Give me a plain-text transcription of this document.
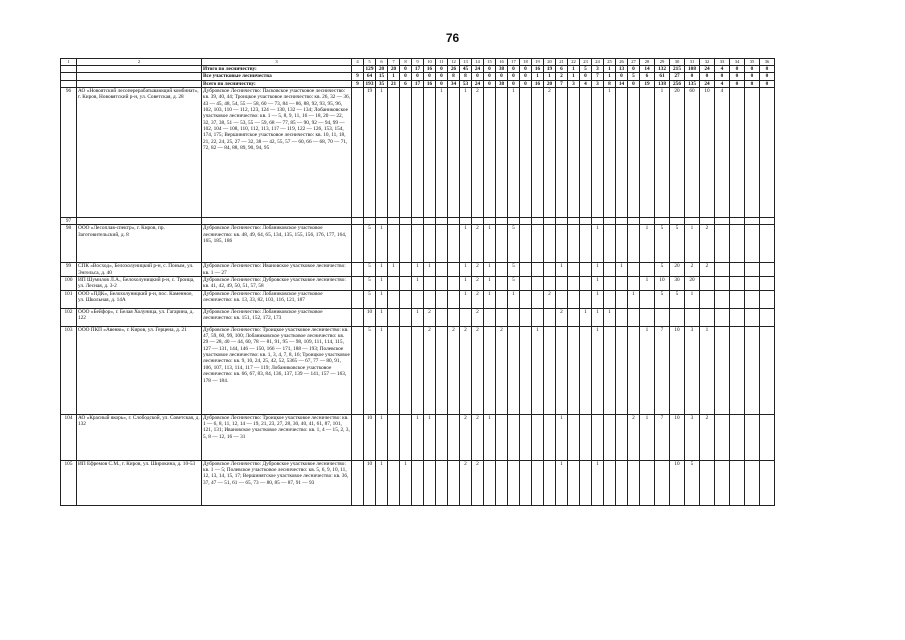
76
1	2	3	4	5	6	7	8	9	10	11	12	13	14	15	16	17	18	19	20	21	22	23	24	25	26	27	28	29	30	31	32	33	34	35	36
		Итого по лесничеству:		129	20	20	0	17	16	0	26	45	24	0	38	0	0	16	19	6	1	5	3	1	13	0	14	132	215	108	24	4	0	0	0
		Все участковые лесничества	9	64	15	1	0	0	0	0	8	8	0	0	0	0	0	1	1	2	1	0	7	1	0	5	6	61	27	0	0	0	0	0	0
		Всего по лесничеству:	9	193	35	21	6	17	16	0	34	53	24	0	38	0	0	16	20	7	3	4	3	8	14	0	19	138	256	135	24	4	0	0	0
96	АО «Новоятский лесоперерабатывающий комбинат», г. Киров, Нововятский р-н, ул. Советская, д. 28	Дубровское Лесничество: Пасковское участковое лесничество: кв. 39, 40, 44; Троицкое участковое лесничество: кв. 26, 32 — 36, 43 — 45, 48, 54, 55 — 58, 60 — 73, 84 — 86, 88, 92, 93, 95, 96, 102, 103, 110 — 112, 123, 124 — 130, 132 — 134; Лобаниковское участковое лесничество: кв. 1 — 5, 8, 9, 11, 16 — 18, 20 — 22, 32, 37, 38, 51 — 53, 55 — 59, 68 — 77, 85 — 90, 92 — 94, 99 — 102, 104 — 108, 110, 112, 113, 117 — 119, 122 — 126, 153, 154, 174, 175; Вершинятское участковое лесничество: кв. 10, 11, 18, 21, 22, 24, 25, 27 — 32, 38 — 42, 55, 57 — 60, 66 — 68, 70 — 71, 72, 82 — 84, 88, 89, 90, 94, 95		19	1					1		1	2			1			2					1				1	20	60	10	4			
97																																			
98	ООО «Лесоплав-спектр», г. Киров, пр. Заготовительский, д. 8	Дубровское Лесничество: Лобаниковское участковое лесничество: кв. 48, 49, 64, 65, 134, 135, 155, 156, 176, 177, 164, 165, 185, 186		5	1							1	2	1		5							1				1	5	5	1	2				
99	СПК «Восход», Белохолуницкий р-н, с. Поным, ул. Энгельса, д. 40	Дубровское Лесничество: Ивановское участковое лесничество: кв. 1 — 27		5	1	1		1	1			1	2	1		5				1			1		1			5	20	2	2				
100	ИП Шумилов Л.А., Белохолуницкий р-н, с. Троица, ул. Лесная, д. 3-2	Дубровское Лесничество: Дубровское участковое лесничество: кв. 41, 42, 49, 50, 51, 57, 58		5	1			1				1	2	1		5							1				1	10	30	20					
101	ООО «ПДК», Белохолуницкий р-н, пос. Каменное, ул. Школьная, д. 14А	Дубровское Лесничество: Лобаниковское участковое лесничество: кв. 13, 33, 82, 103, 116, 121, 187		5	1							1	2	1		1			2				1			1		5	5	1					
102	ООО «Бейфор», г. Белая Холуница, ул. Гагарина, д. 122	Дубровское Лесничество: Лобаниковское участковое лесничество: кв. 151, 152, 172, 173		10	1			1	2				2							2		1	1	1											
103	ООО ПКП «Авеню», г. Киров, ул. Герцена, д. 21	Дубровское Лесничество: Троицкое участковое лесничество: кв. 47, 59, 60, 99, 100; Лобаниковское участковое лесничество: кв. 29 — 28, 40 — 44, 60, 78 — 81, 91, 95 — 98, 109, 111, 114, 115, 127 — 131, 144, 146 — 150, 166 — 171, 188 — 193; Полевское участковое лесничество: кв. 1, 3, 4, 7, 8, 16; Троицкое участковое лесничество: кв. 9, 10, 24, 25, 42, 52, 5365 — 67, 77 — 80, 91, 106, 107, 113, 114, 117 — 119; Лобаниковское участковое лесничество: кв. 66, 67, 83, 84, 136, 137, 139 — 141, 157 — 163, 178 — 184.		5	1				2		2	2	2		2			1					1				1	7	10	3	1				
104	АО «Красный якорь», г. Слободской, ул. Советская, д. 132	Дубровское Лесничество: Троицкое участковое лесничество: кв. 1 — 6, 8, 11, 12, 14 — 19, 21, 23, 27, 28, 30, 40, 41, 61, 87, 101, 121, 131; Ивановское участковое лесничество: кв. 1, 4 — 15, 2, 3, 5, 8 — 12, 16 — 31		10	1			1	1			2	2	1						1						2	1	7	10	3	2				
105	ИП Ефремов С.М., г. Киров, ул. Широкина, д. 10-53	Дубровское Лесничество: Дубровское участковое лесничество: кв. 1 — 5; Полевское участковое лесничество: кв. 5, 6, 9, 10, 11, 12, 13, 14, 15, 17; Вершинятское участковое лесничество: кв. 36, 37, 47 — 51, 61 — 65, 73 — 80, 85 — 87, 91 — 93		10	1		1					2	2							1			1						10	5					
